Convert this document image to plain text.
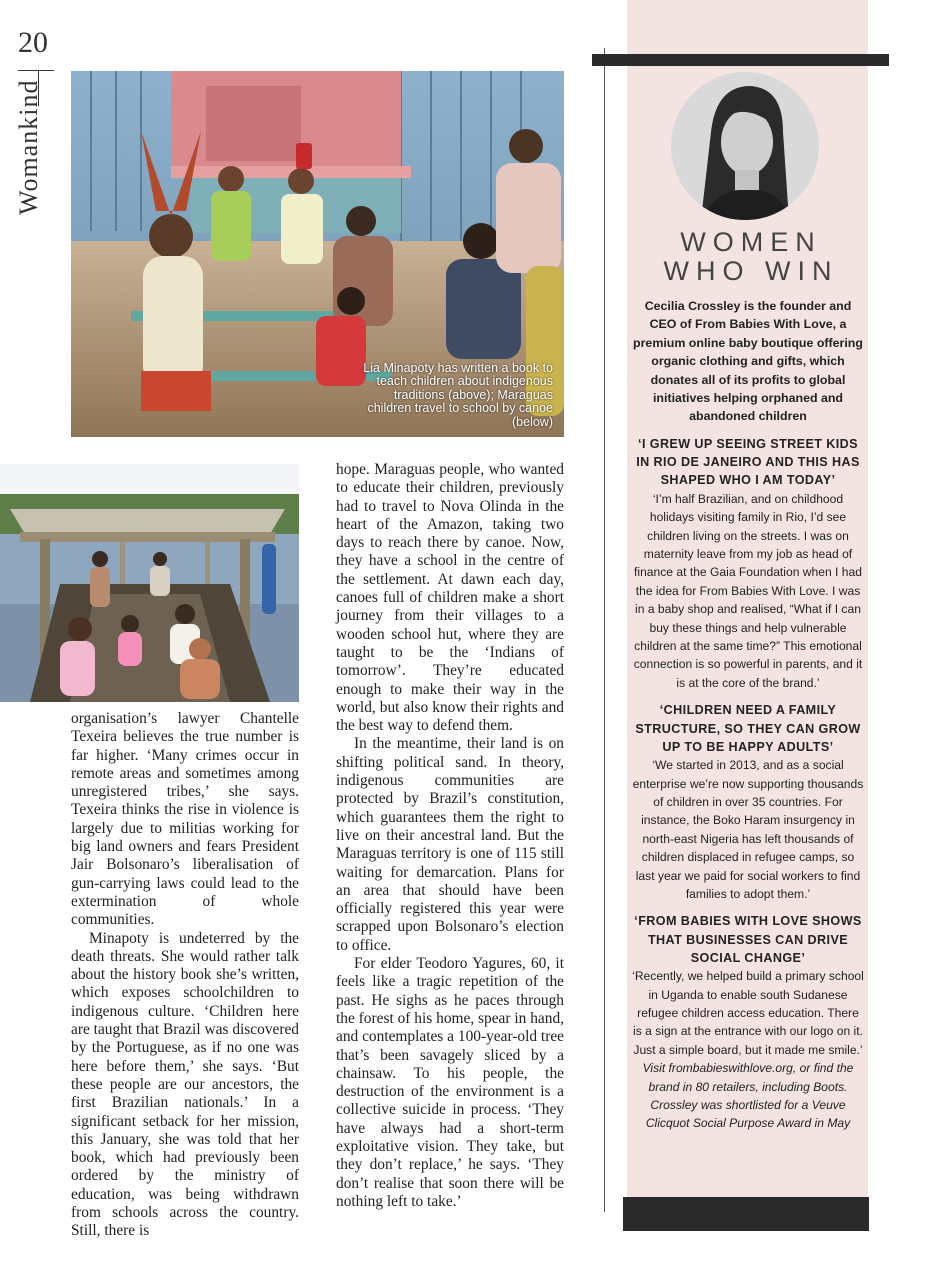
20
Womankind
Lia Minapoty has written a book to teach children about indigenous traditions (above); Maraguas children travel to school by canoe (below)

organisation’s lawyer Chantelle Texeira believes the true number is far higher. ‘Many crimes occur in remote areas and sometimes among unregistered tribes,’ she says. Texeira thinks the rise in violence is largely due to militias working for big land owners and fears President Jair Bolsonaro’s liberalisation of gun-carrying laws could lead to the extermination of whole communities.

Minapoty is undeterred by the death threats. She would rather talk about the history book she’s written, which exposes schoolchildren to indigenous culture. ‘Children here are taught that Brazil was discovered by the Portuguese, as if no one was here before them,’ she says. ‘But these people are our ancestors, the first Brazilian nationals.’ In a significant setback for her mission, this January, she was told that her book, which had previously been ordered by the ministry of education, was being withdrawn from schools across the country. Still, there is

hope. Maraguas people, who wanted to educate their children, previously had to travel to Nova Olinda in the heart of the Amazon, taking two days to reach there by canoe. Now, they have a school in the centre of the settlement. At dawn each day, canoes full of children make a short journey from their villages to a wooden school hut, where they are taught to be the ‘Indians of tomorrow’. They’re educated enough to make their way in the world, but also know their rights and the best way to defend them.

In the meantime, their land is on shifting political sand. In theory, indigenous communities are protected by Brazil’s constitution, which guarantees them the right to live on their ancestral land. But the Maraguas territory is one of 115 still waiting for demarcation. Plans for an area that should have been officially registered this year were scrapped upon Bolsonaro’s election to office.

For elder Teodoro Yagures, 60, it feels like a tragic repetition of the past. He sighs as he paces through the forest of his home, spear in hand, and contemplates a 100-year-old tree that’s been savagely sliced by a chainsaw. To his people, the destruction of the environment is a collective suicide in process. ‘They have always had a short-term exploitative vision. They take, but they don’t replace,’ he says. ‘They don’t realise that soon there will be nothing left to take.’

WOMEN
WHO WIN

Cecilia Crossley is the founder and CEO of From Babies With Love, a premium online baby boutique offering organic clothing and gifts, which donates all of its profits to global initiatives helping orphaned and abandoned children

‘I GREW UP SEEING STREET KIDS IN RIO DE JANEIRO AND THIS HAS SHAPED WHO I AM TODAY’

‘I’m half Brazilian, and on childhood holidays visiting family in Rio, I’d see children living on the streets. I was on maternity leave from my job as head of finance at the Gaia Foundation when I had the idea for From Babies With Love. I was in a baby shop and realised, “What if I can buy these things and help vulnerable children at the same time?” This emotional connection is so powerful in parents, and it is at the core of the brand.’

‘CHILDREN NEED A FAMILY STRUCTURE, SO THEY CAN GROW UP TO BE HAPPY ADULTS’

‘We started in 2013, and as a social enterprise we’re now supporting thousands of children in over 35 countries. For instance, the Boko Haram insurgency in north-east Nigeria has left thousands of children displaced in refugee camps, so last year we paid for social workers to find families to adopt them.’

‘FROM BABIES WITH LOVE SHOWS THAT BUSINESSES CAN DRIVE SOCIAL CHANGE’

‘Recently, we helped build a primary school in Uganda to enable south Sudanese refugee children access education. There is a sign at the entrance with our logo on it. Just a simple board, but it made me smile.’

Visit frombabieswithlove.org, or find the brand in 80 retailers, including Boots. Crossley was shortlisted for a Veuve Clicquot Social Purpose Award in May
